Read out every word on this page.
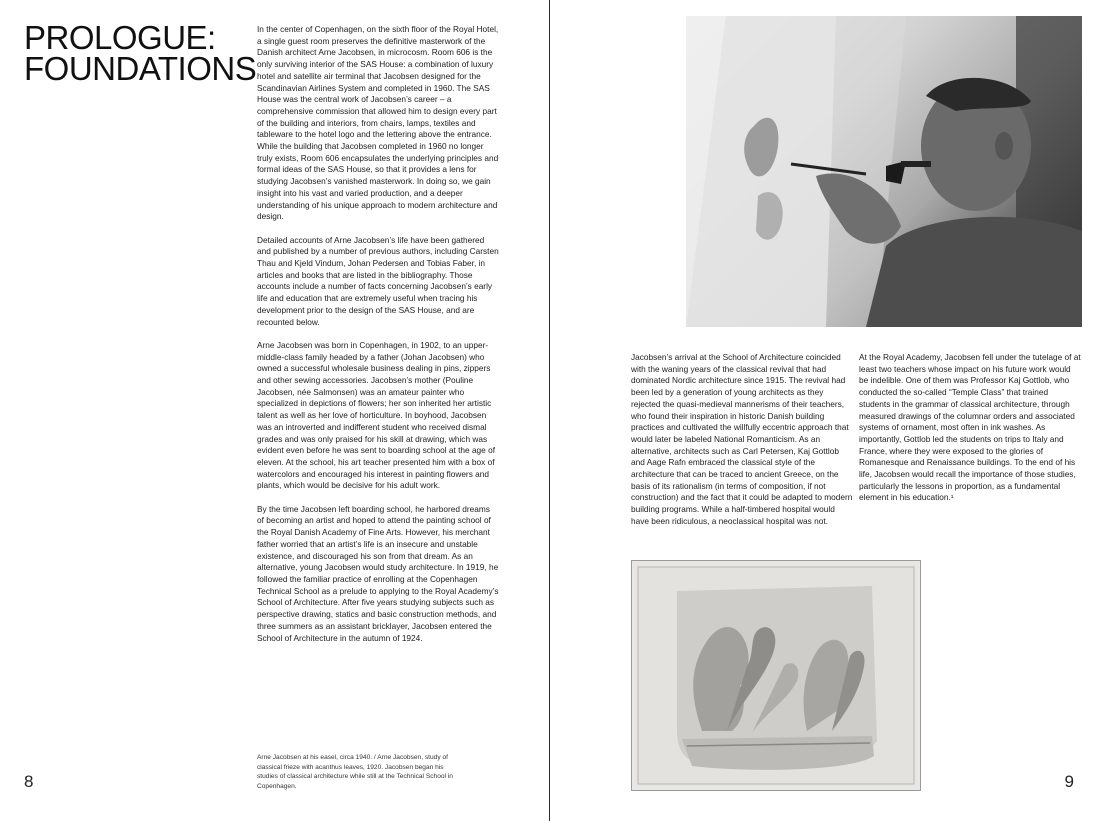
PROLOGUE:
FOUNDATIONS

In the center of Copenhagen, on the sixth floor of the Royal Hotel, a single guest room preserves the definitive masterwork of the Danish architect Arne Jacobsen, in microcosm. Room 606 is the only surviving interior of the SAS House: a combination of luxury hotel and satellite air terminal that Jacobsen designed for the Scandinavian Airlines System and completed in 1960. The SAS House was the central work of Jacobsen’s career – a comprehensive commission that allowed him to design every part of the building and interiors, from chairs, lamps, textiles and tableware to the hotel logo and the lettering above the entrance. While the building that Jacobsen completed in 1960 no longer truly exists, Room 606 encapsulates the underlying principles and formal ideas of the SAS House, so that it provides a lens for studying Jacobsen’s vanished masterwork. In doing so, we gain insight into his vast and varied production, and a deeper understanding of his unique approach to modern architecture and design.

Detailed accounts of Arne Jacobsen’s life have been gathered and published by a number of previous authors, including Carsten Thau and Kjeld Vindum, Johan Pedersen and Tobias Faber, in articles and books that are listed in the bibliography. Those accounts include a number of facts concerning Jacobsen’s early life and education that are extremely useful when tracing his development prior to the design of the SAS House, and are recounted below.

Arne Jacobsen was born in Copenhagen, in 1902, to an upper-middle-class family headed by a father (Johan Jacobsen) who owned a successful wholesale business dealing in pins, zippers and other sewing accessories. Jacobsen’s mother (Pouline Jacobsen, née Salmonsen) was an amateur painter who specialized in depictions of flowers; her son inherited her artistic talent as well as her love of horticulture. In boyhood, Jacobsen was an introverted and indifferent student who received dismal grades and was only praised for his skill at drawing, which was evident even before he was sent to boarding school at the age of eleven. At the school, his art teacher presented him with a box of watercolors and encouraged his interest in painting flowers and plants, which would be decisive for his adult work.

By the time Jacobsen left boarding school, he harbored dreams of becoming an artist and hoped to attend the painting school of the Royal Danish Academy of Fine Arts. However, his merchant father worried that an artist’s life is an insecure and unstable existence, and discouraged his son from that dream. As an alternative, young Jacobsen would study architecture. In 1919, he followed the familiar practice of enrolling at the Copenhagen Technical School as a prelude to applying to the Royal Academy’s School of Architecture. After five years studying subjects such as perspective drawing, statics and basic construction methods, and three summers as an assistant bricklayer, Jacobsen entered the School of Architecture in the autumn of 1924.

Arne Jacobsen at his easel, circa 1940. / Arne Jacobsen, study of classical frieze with acanthus leaves, 1920. Jacobsen began his studies of classical architecture while still at the Technical School in Copenhagen.
8

Jacobsen’s arrival at the School of Architecture coincided with the waning years of the classical revival that had dominated Nordic architecture since 1915. The revival had been led by a generation of young architects as they rejected the quasi-medieval mannerisms of their teachers, who found their inspiration in historic Danish building practices and cultivated the willfully eccentric approach that would later be labeled National Romanticism. As an alternative, architects such as Carl Petersen, Kaj Gottlob and Aage Rafn embraced the classical style of the architecture that can be traced to ancient Greece, on the basis of its rationalism (in terms of composition, if not construction) and the fact that it could be adapted to modern building programs. While a half-timbered hospital would have been ridiculous, a neoclassical hospital was not.

At the Royal Academy, Jacobsen fell under the tutelage of at least two teachers whose impact on his future work would be indelible. One of them was Professor Kaj Gottlob, who conducted the so-called “Temple Class” that trained students in the grammar of classical architecture, through measured drawings of the columnar orders and associated systems of ornament, most often in ink washes. As importantly, Gottlob led the students on trips to Italy and France, where they were exposed to the glories of Romanesque and Renaissance buildings. To the end of his life, Jacobsen would recall the importance of those studies, particularly the lessons in proportion, as a fundamental element in his education.¹

9
